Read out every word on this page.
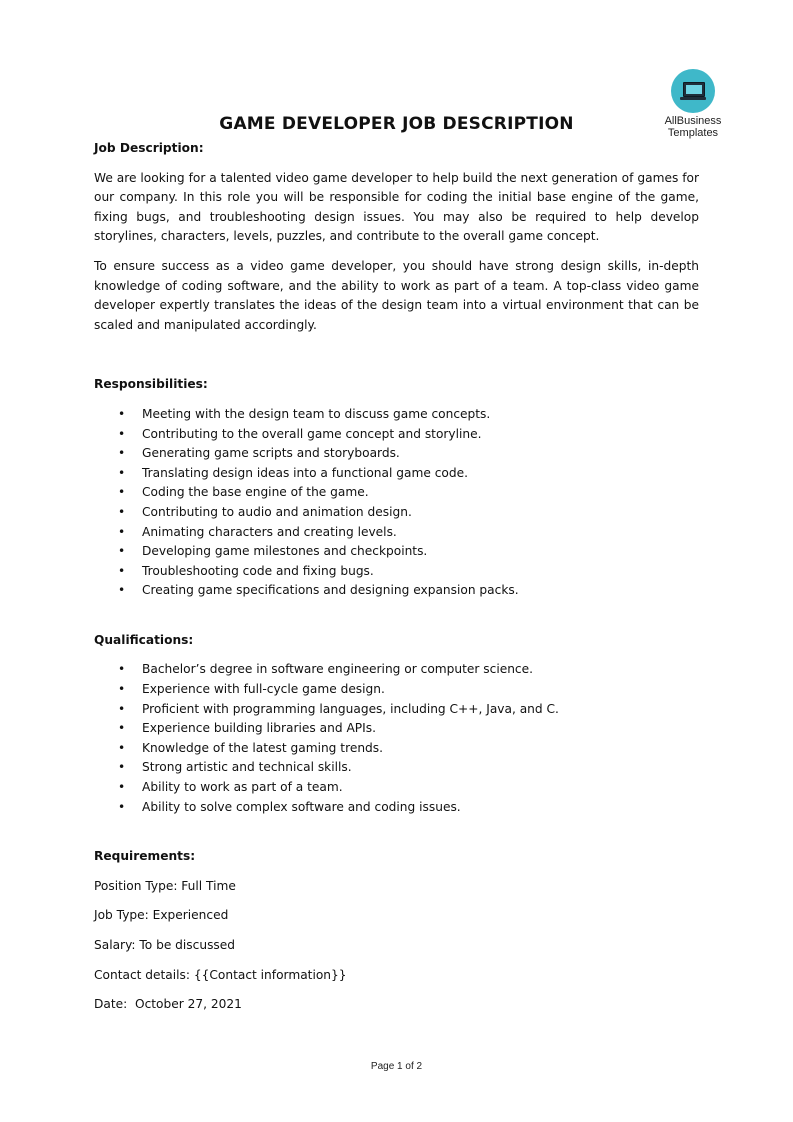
AllBusiness
Templates
GAME DEVELOPER JOB DESCRIPTION

Job Description:

We are looking for a talented video game developer to help build the next generation of games for our company. In this role you will be responsible for coding the initial base engine of the game, fixing bugs, and troubleshooting design issues. You may also be required to help develop storylines, characters, levels, puzzles, and contribute to the overall game concept.

To ensure success as a video game developer, you should have strong design skills, in-depth knowledge of coding software, and the ability to work as part of a team. A top-class video game developer expertly translates the ideas of the design team into a virtual environment that can be scaled and manipulated accordingly.

Responsibilities:

• Meeting with the design team to discuss game concepts.
• Contributing to the overall game concept and storyline.
• Generating game scripts and storyboards.
• Translating design ideas into a functional game code.
• Coding the base engine of the game.
• Contributing to audio and animation design.
• Animating characters and creating levels.
• Developing game milestones and checkpoints.
• Troubleshooting code and fixing bugs.
• Creating game specifications and designing expansion packs.

Qualifications:

• Bachelor’s degree in software engineering or computer science.
• Experience with full-cycle game design.
• Proficient with programming languages, including C++, Java, and C.
• Experience building libraries and APIs.
• Knowledge of the latest gaming trends.
• Strong artistic and technical skills.
• Ability to work as part of a team.
• Ability to solve complex software and coding issues.

Requirements:

Position Type: Full Time

Job Type: Experienced

Salary: To be discussed

Contact details: {{Contact information}}

Date:  October 27, 2021

Page 1 of 2
